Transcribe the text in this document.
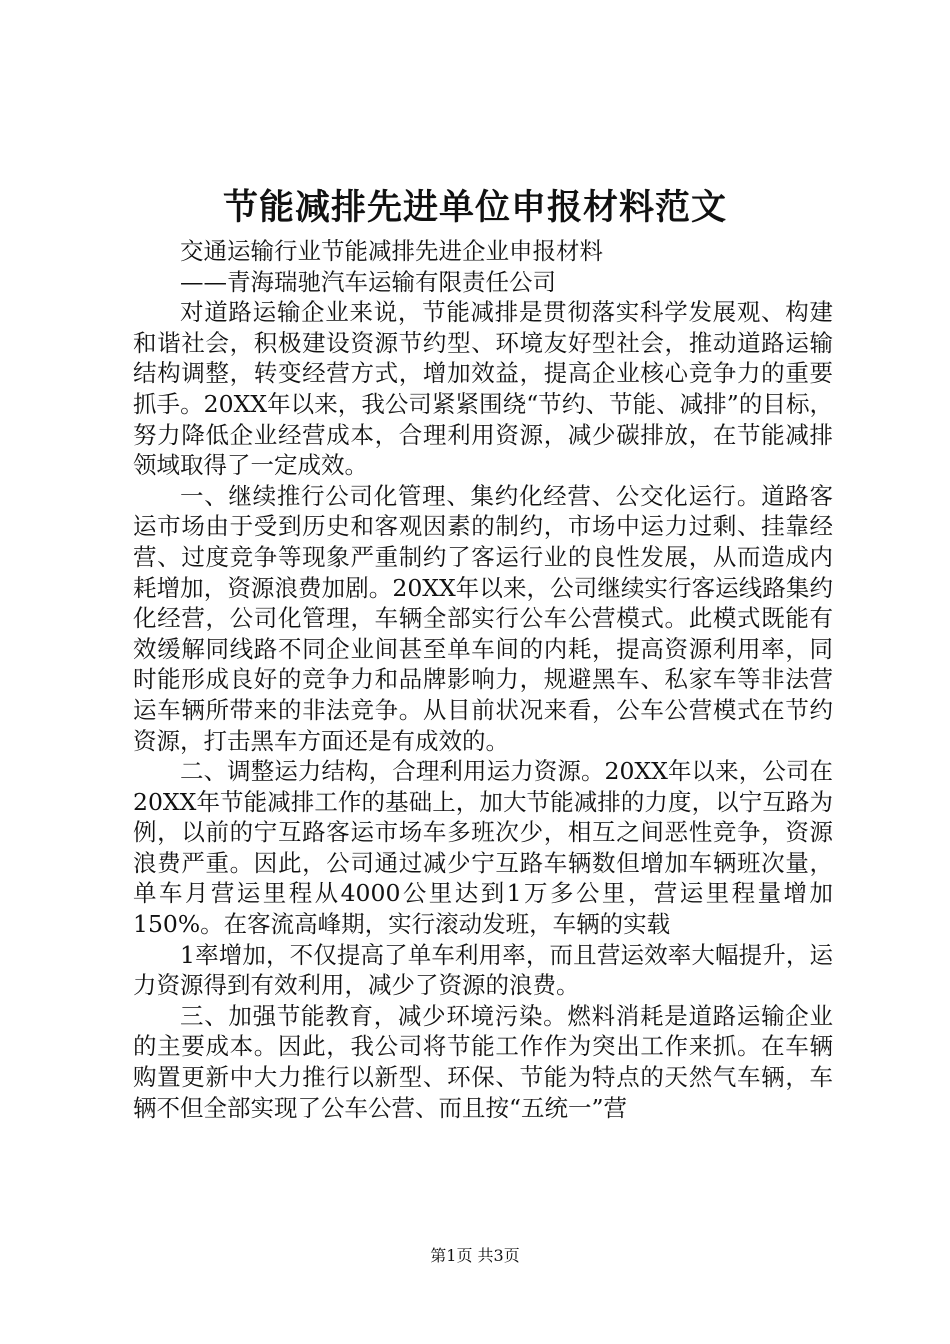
节能减排先进单位申报材料范文

交通运输行业节能减排先进企业申报材料

——青海瑞驰汽车运输有限责任公司

对道路运输企业来说，节能减排是贯彻落实科学发展观、构建和谐社会，积极建设资源节约型、环境友好型社会，推动道路运输结构调整，转变经营方式，增加效益，提高企业核心竞争力的重要抓手。20XX年以来，我公司紧紧围绕“节约、节能、减排”的目标，努力降低企业经营成本，合理利用资源，减少碳排放，在节能减排领域取得了一定成效。

一、继续推行公司化管理、集约化经营、公交化运行。道路客运市场由于受到历史和客观因素的制约，市场中运力过剩、挂靠经营、过度竞争等现象严重制约了客运行业的良性发展，从而造成内耗增加，资源浪费加剧。20XX年以来，公司继续实行客运线路集约化经营，公司化管理，车辆全部实行公车公营模式。此模式既能有效缓解同线路不同企业间甚至单车间的内耗，提高资源利用率，同时能形成良好的竞争力和品牌影响力，规避黑车、私家车等非法营运车辆所带来的非法竞争。从目前状况来看，公车公营模式在节约资源，打击黑车方面还是有成效的。

二、调整运力结构，合理利用运力资源。20XX年以来，公司在20XX年节能减排工作的基础上，加大节能减排的力度，以宁互路为例，以前的宁互路客运市场车多班次少，相互之间恶性竞争，资源浪费严重。因此，公司通过减少宁互路车辆数但增加车辆班次量，单车月营运里程从4000公里达到1万多公里，营运里程量增加150%。在客流高峰期，实行滚动发班，车辆的实载

1率增加，不仅提高了单车利用率，而且营运效率大幅提升，运力资源得到有效利用，减少了资源的浪费。

三、加强节能教育，减少环境污染。燃料消耗是道路运输企业的主要成本。因此，我公司将节能工作作为突出工作来抓。在车辆购置更新中大力推行以新型、环保、节能为特点的天然气车辆，车辆不但全部实现了公车公营、而且按“五统一”营

第1页 共3页
